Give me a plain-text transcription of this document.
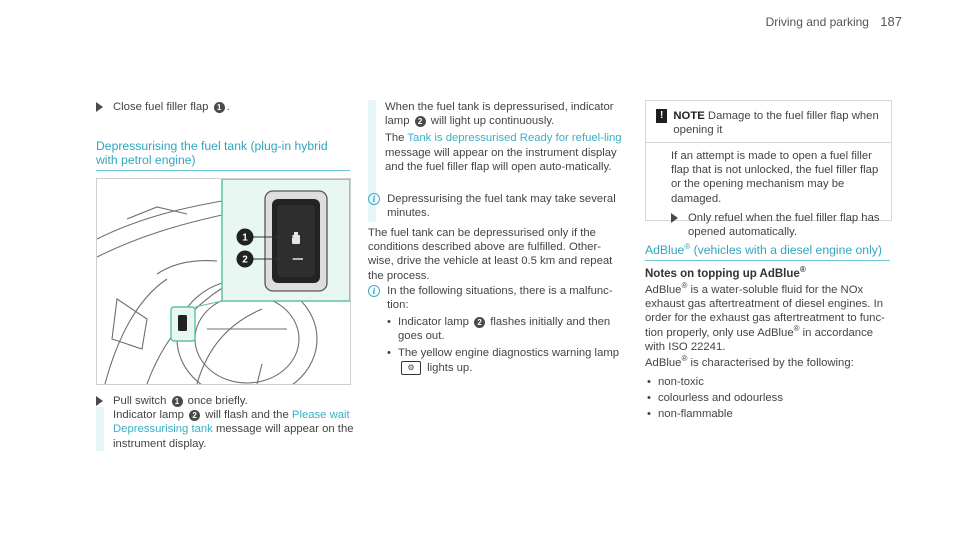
Driving and parking 187
Close fuel filler flap 1 .
Depressurising the fuel tank (plug-in hybrid with petrol engine)
1
2
Pull switch 1 once briefly.
Indicator lamp 2 will flash and the Please wait Depressurising tank message will appear on the instrument display.
When the fuel tank is depressurised, indicator lamp 2 will light up continuously.
The Tank is depressurised Ready for refuel-ling message will appear on the instrument display and the fuel filler flap will open auto-matically.
i Depressurising the fuel tank may take several minutes.
The fuel tank can be depressurised only if the conditions described above are fulfilled. Other-wise, drive the vehicle at least 0.5 km and repeat the process.
i In the following situations, there is a malfunc-tion:
• Indicator lamp 2 flashes initially and then goes out.
• The yellow engine diagnostics warning lamp ⚙ lights up.
! NOTE Damage to the fuel filler flap when opening it
If an attempt is made to open a fuel filler flap that is not unlocked, the fuel filler flap or the opening mechanism may be damaged.
Only refuel when the fuel filler flap has opened automatically.
AdBlue® (vehicles with a diesel engine only)
Notes on topping up AdBlue®
AdBlue® is a water-soluble fluid for the NOx exhaust gas aftertreatment of diesel engines. In order for the exhaust gas aftertreatment to func-tion properly, only use AdBlue® in accordance with ISO 22241.
AdBlue® is characterised by the following:
• non-toxic
• colourless and odourless
• non-flammable
